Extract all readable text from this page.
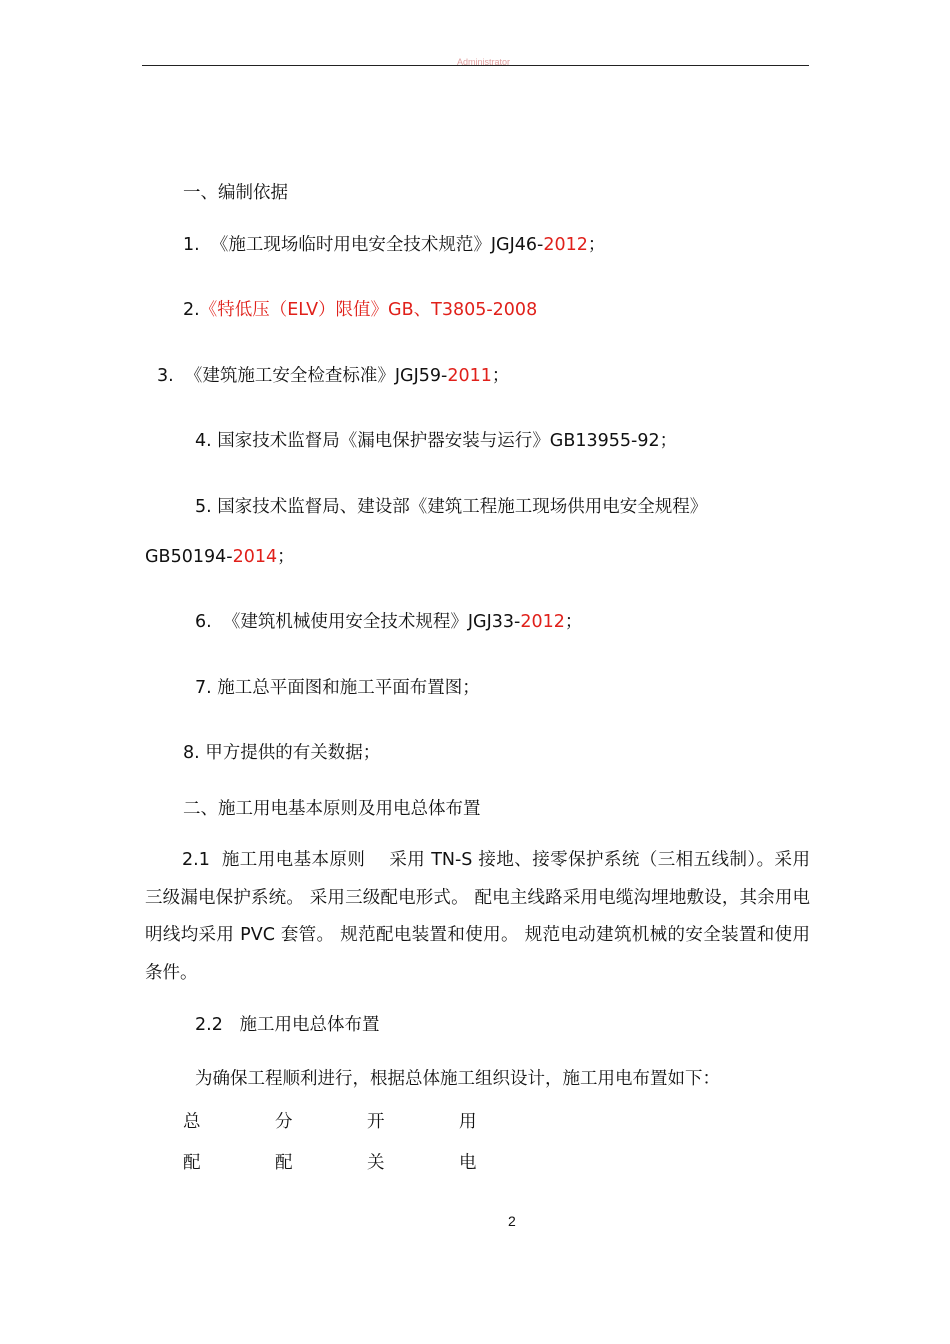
Administrator
一、编制依据
1. 《施工现场临时用电安全技术规范》JGJ46-2012；
2.《特低压（ELV）限值》GB、T3805-2008
3. 《建筑施工安全检查标准》JGJ59-2011；
4. 国家技术监督局《漏电保护器安装与运行》GB13955-92；
5. 国家技术监督局、建设部《建筑工程施工现场供用电安全规程》
GB50194-2014；
6. 《建筑机械使用安全技术规程》JGJ33-2012；
7. 施工总平面图和施工平面布置图；
8. 甲方提供的有关数据；
二、施工用电基本原则及用电总体布置
2.1 施工用电基本原则 采用 TN-S 接地、接零保护系统（三相五线制）。采用三级漏电保护系统。 采用三级配电形式。 配电主线路采用电缆沟埋地敷设，其余用电明线均采用 PVC 套管。 规范配电装置和使用。 规范电动建筑机械的安全装置和使用条件。
2.2 施工用电总体布置
为确保工程顺利进行，根据总体施工组织设计，施工用电布置如下：
总	分	开	用
配	配	关	电
2
